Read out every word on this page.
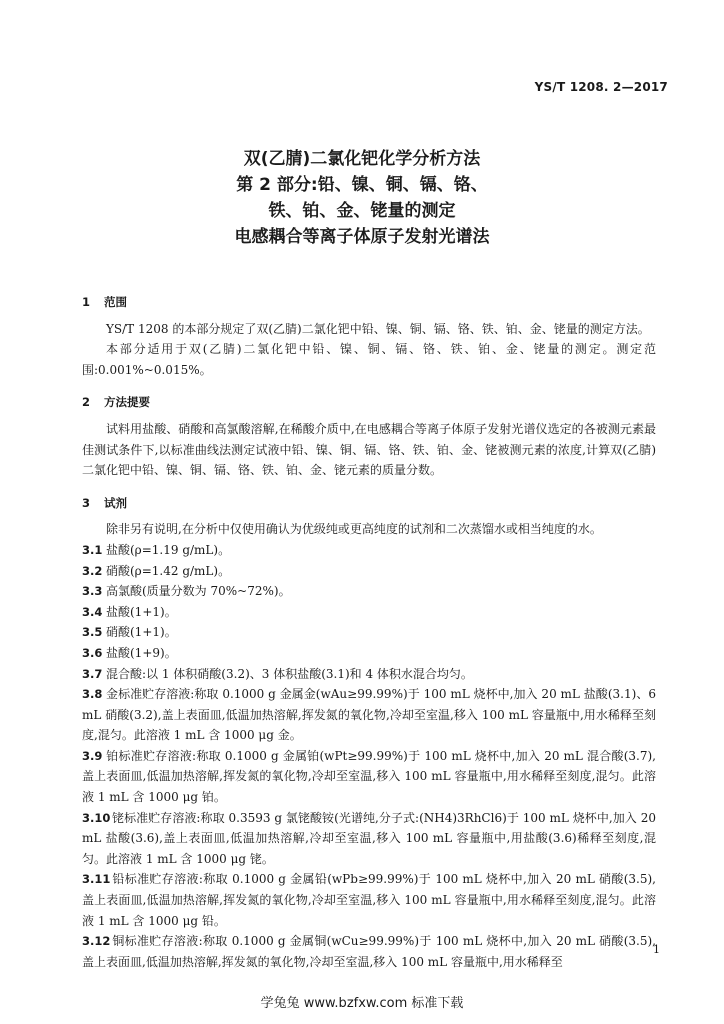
YS/T 1208. 2—2017
双(乙腈)二氯化钯化学分析方法
第 2 部分:铅、镍、铜、镉、铬、
铁、铂、金、铑量的测定
电感耦合等离子体原子发射光谱法
1 范围

YS/T 1208 的本部分规定了双(乙腈)二氯化钯中铅、镍、铜、镉、铬、铁、铂、金、铑量的测定方法。

本部分适用于双(乙腈)二氯化钯中铅、镍、铜、镉、铬、铁、铂、金、铑量的测定。测定范围:0.001%~0.015%。

2 方法提要

试料用盐酸、硝酸和高氯酸溶解,在稀酸介质中,在电感耦合等离子体原子发射光谱仪选定的各被测元素最佳测试条件下,以标准曲线法测定试液中铅、镍、铜、镉、铬、铁、铂、金、铑被测元素的浓度,计算双(乙腈)二氯化钯中铅、镍、铜、镉、铬、铁、铂、金、铑元素的质量分数。

3 试剂

除非另有说明,在分析中仅使用确认为优级纯或更高纯度的试剂和二次蒸馏水或相当纯度的水。

3.1 盐酸(ρ=1.19 g/mL)。

3.2 硝酸(ρ=1.42 g/mL)。

3.3 高氯酸(质量分数为 70%~72%)。

3.4 盐酸(1+1)。

3.5 硝酸(1+1)。

3.6 盐酸(1+9)。

3.7 混合酸:以 1 体积硝酸(3.2)、3 体积盐酸(3.1)和 4 体积水混合均匀。

3.8 金标准贮存溶液:称取 0.1000 g 金属金(wAu≥99.99%)于 100 mL 烧杯中,加入 20 mL 盐酸(3.1)、6 mL 硝酸(3.2),盖上表面皿,低温加热溶解,挥发氮的氧化物,冷却至室温,移入 100 mL 容量瓶中,用水稀释至刻度,混匀。此溶液 1 mL 含 1000 μg 金。

3.9 铂标准贮存溶液:称取 0.1000 g 金属铂(wPt≥99.99%)于 100 mL 烧杯中,加入 20 mL 混合酸(3.7),盖上表面皿,低温加热溶解,挥发氮的氧化物,冷却至室温,移入 100 mL 容量瓶中,用水稀释至刻度,混匀。此溶液 1 mL 含 1000 μg 铂。

3.10 铑标准贮存溶液:称取 0.3593 g 氯铑酸铵(光谱纯,分子式:(NH4)3RhCl6)于 100 mL 烧杯中,加入 20 mL 盐酸(3.6),盖上表面皿,低温加热溶解,冷却至室温,移入 100 mL 容量瓶中,用盐酸(3.6)稀释至刻度,混匀。此溶液 1 mL 含 1000 μg 铑。

3.11 铅标准贮存溶液:称取 0.1000 g 金属铅(wPb≥99.99%)于 100 mL 烧杯中,加入 20 mL 硝酸(3.5),盖上表面皿,低温加热溶解,挥发氮的氧化物,冷却至室温,移入 100 mL 容量瓶中,用水稀释至刻度,混匀。此溶液 1 mL 含 1000 μg 铅。

3.12 铜标准贮存溶液:称取 0.1000 g 金属铜(wCu≥99.99%)于 100 mL 烧杯中,加入 20 mL 硝酸(3.5),盖上表面皿,低温加热溶解,挥发氮的氧化物,冷却至室温,移入 100 mL 容量瓶中,用水稀释至

1
学兔兔 www.bzfxw.com 标准下载
